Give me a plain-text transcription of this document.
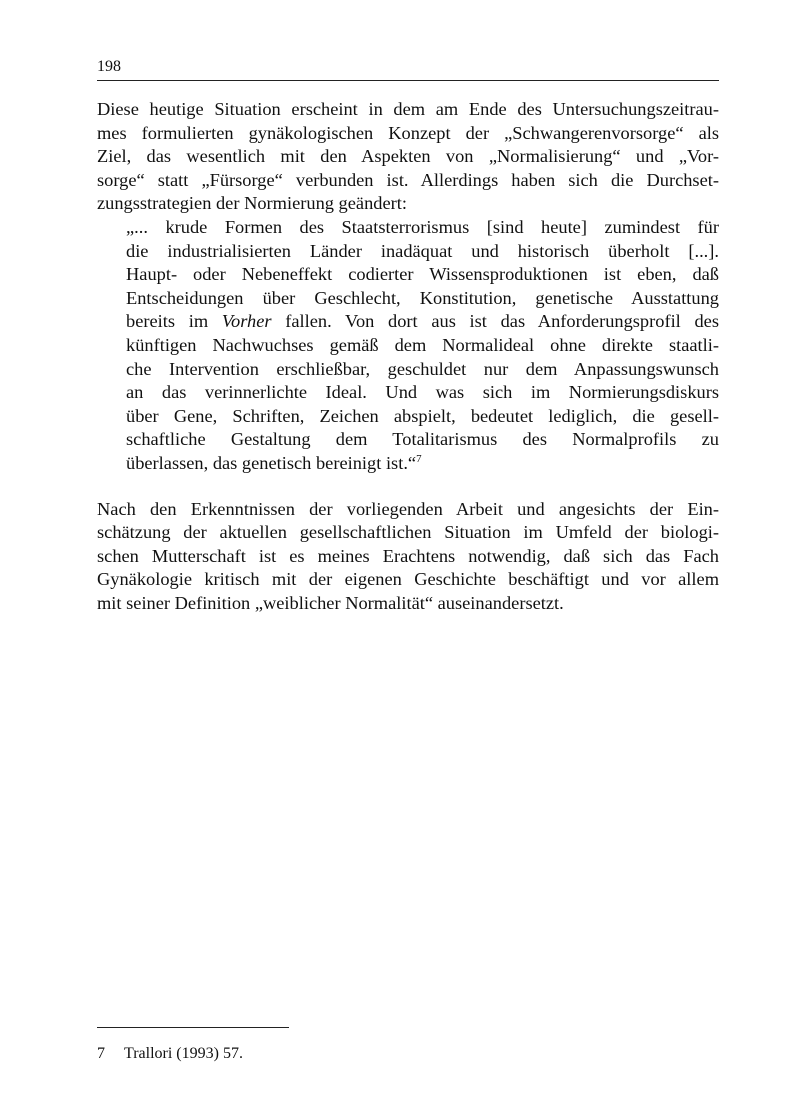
198
Diese heutige Situation erscheint in dem am Ende des Untersuchungszeitrau-
mes formulierten gynäkologischen Konzept der „Schwangerenvorsorge“ als
Ziel, das wesentlich mit den Aspekten von „Normalisierung“ und „Vor-
sorge“ statt „Fürsorge“ verbunden ist. Allerdings haben sich die Durchset-
zungsstrategien der Normierung geändert:
„... krude Formen des Staatsterrorismus [sind heute] zumindest für
die industrialisierten Länder inadäquat und historisch überholt [...].
Haupt- oder Nebeneffekt codierter Wissensproduktionen ist eben, daß
Entscheidungen über Geschlecht, Konstitution, genetische Ausstattung
bereits im Vorher fallen. Von dort aus ist das Anforderungsprofil des
künftigen Nachwuchses gemäß dem Normalideal ohne direkte staatli-
che Intervention erschließbar, geschuldet nur dem Anpassungswunsch
an das verinnerlichte Ideal. Und was sich im Normierungsdiskurs
über Gene, Schriften, Zeichen abspielt, bedeutet lediglich, die gesell-
schaftliche Gestaltung dem Totalitarismus des Normalprofils zu
überlassen, das genetisch bereinigt ist.“$^7$
Nach den Erkenntnissen der vorliegenden Arbeit und angesichts der Ein-
schätzung der aktuellen gesellschaftlichen Situation im Umfeld der biologi-
schen Mutterschaft ist es meines Erachtens notwendig, daß sich das Fach
Gynäkologie kritisch mit der eigenen Geschichte beschäftigt und vor allem
mit seiner Definition „weiblicher Normalität“ auseinandersetzt.
7 Trallori (1993) 57.
